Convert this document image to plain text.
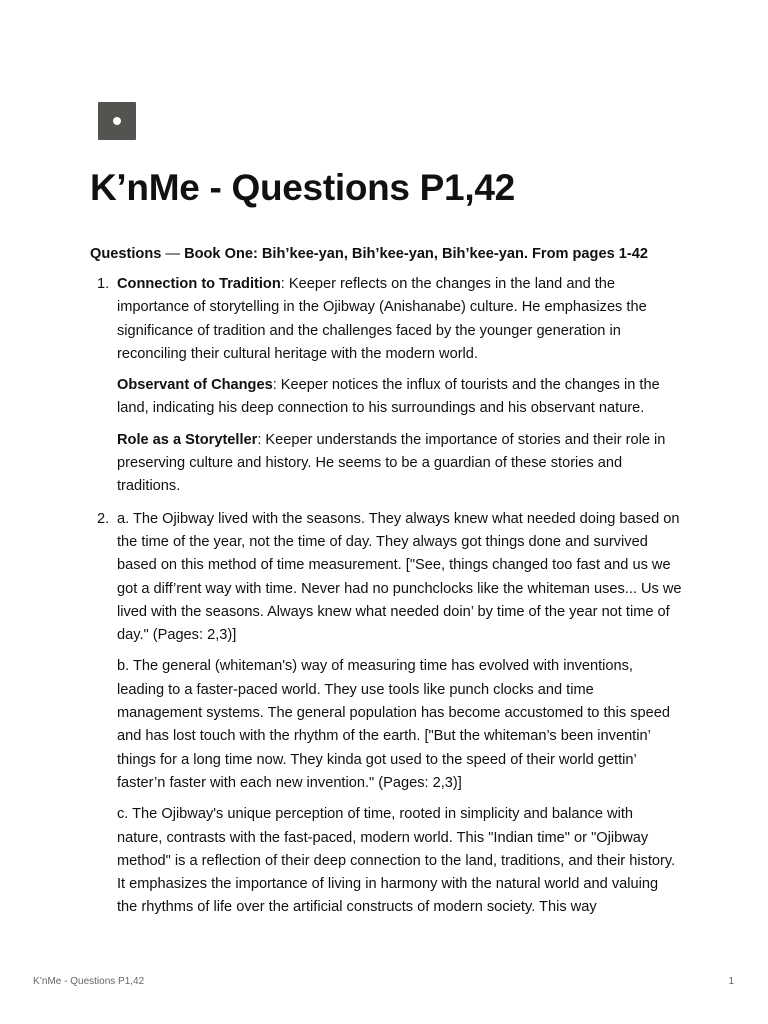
K’nMe - Questions P1,42

Questions — Book One: Bih’kee-yan, Bih’kee-yan, Bih’kee-yan. From pages 1-42

1. Connection to Tradition: Keeper reflects on the changes in the land and the importance of storytelling in the Ojibway (Anishanabe) culture. He emphasizes the significance of tradition and the challenges faced by the younger generation in reconciling their cultural heritage with the modern world.

Observant of Changes: Keeper notices the influx of tourists and the changes in the land, indicating his deep connection to his surroundings and his observant nature.

Role as a Storyteller: Keeper understands the importance of stories and their role in preserving culture and history. He seems to be a guardian of these stories and traditions.

2. a. The Ojibway lived with the seasons. They always knew what needed doing based on the time of the year, not the time of day. They always got things done and survived based on this method of time measurement. ["See, things changed too fast and us we got a diff’rent way with time. Never had no punchclocks like the whiteman uses... Us we lived with the seasons. Always knew what needed doin’ by time of the year not time of day." (Pages: 2,3)]

b. The general (whiteman's) way of measuring time has evolved with inventions, leading to a faster-paced world. They use tools like punch clocks and time management systems. The general population has become accustomed to this speed and has lost touch with the rhythm of the earth. ["But the whiteman’s been inventin’ things for a long time now. They kinda got used to the speed of their world gettin’ faster’n faster with each new invention." (Pages: 2,3)]

c. The Ojibway's unique perception of time, rooted in simplicity and balance with nature, contrasts with the fast-paced, modern world. This "Indian time" or "Ojibway method" is a reflection of their deep connection to the land, traditions, and their history. It emphasizes the importance of living in harmony with the natural world and valuing the rhythms of life over the artificial constructs of modern society. This way

K’nMe - Questions P1,42	1
